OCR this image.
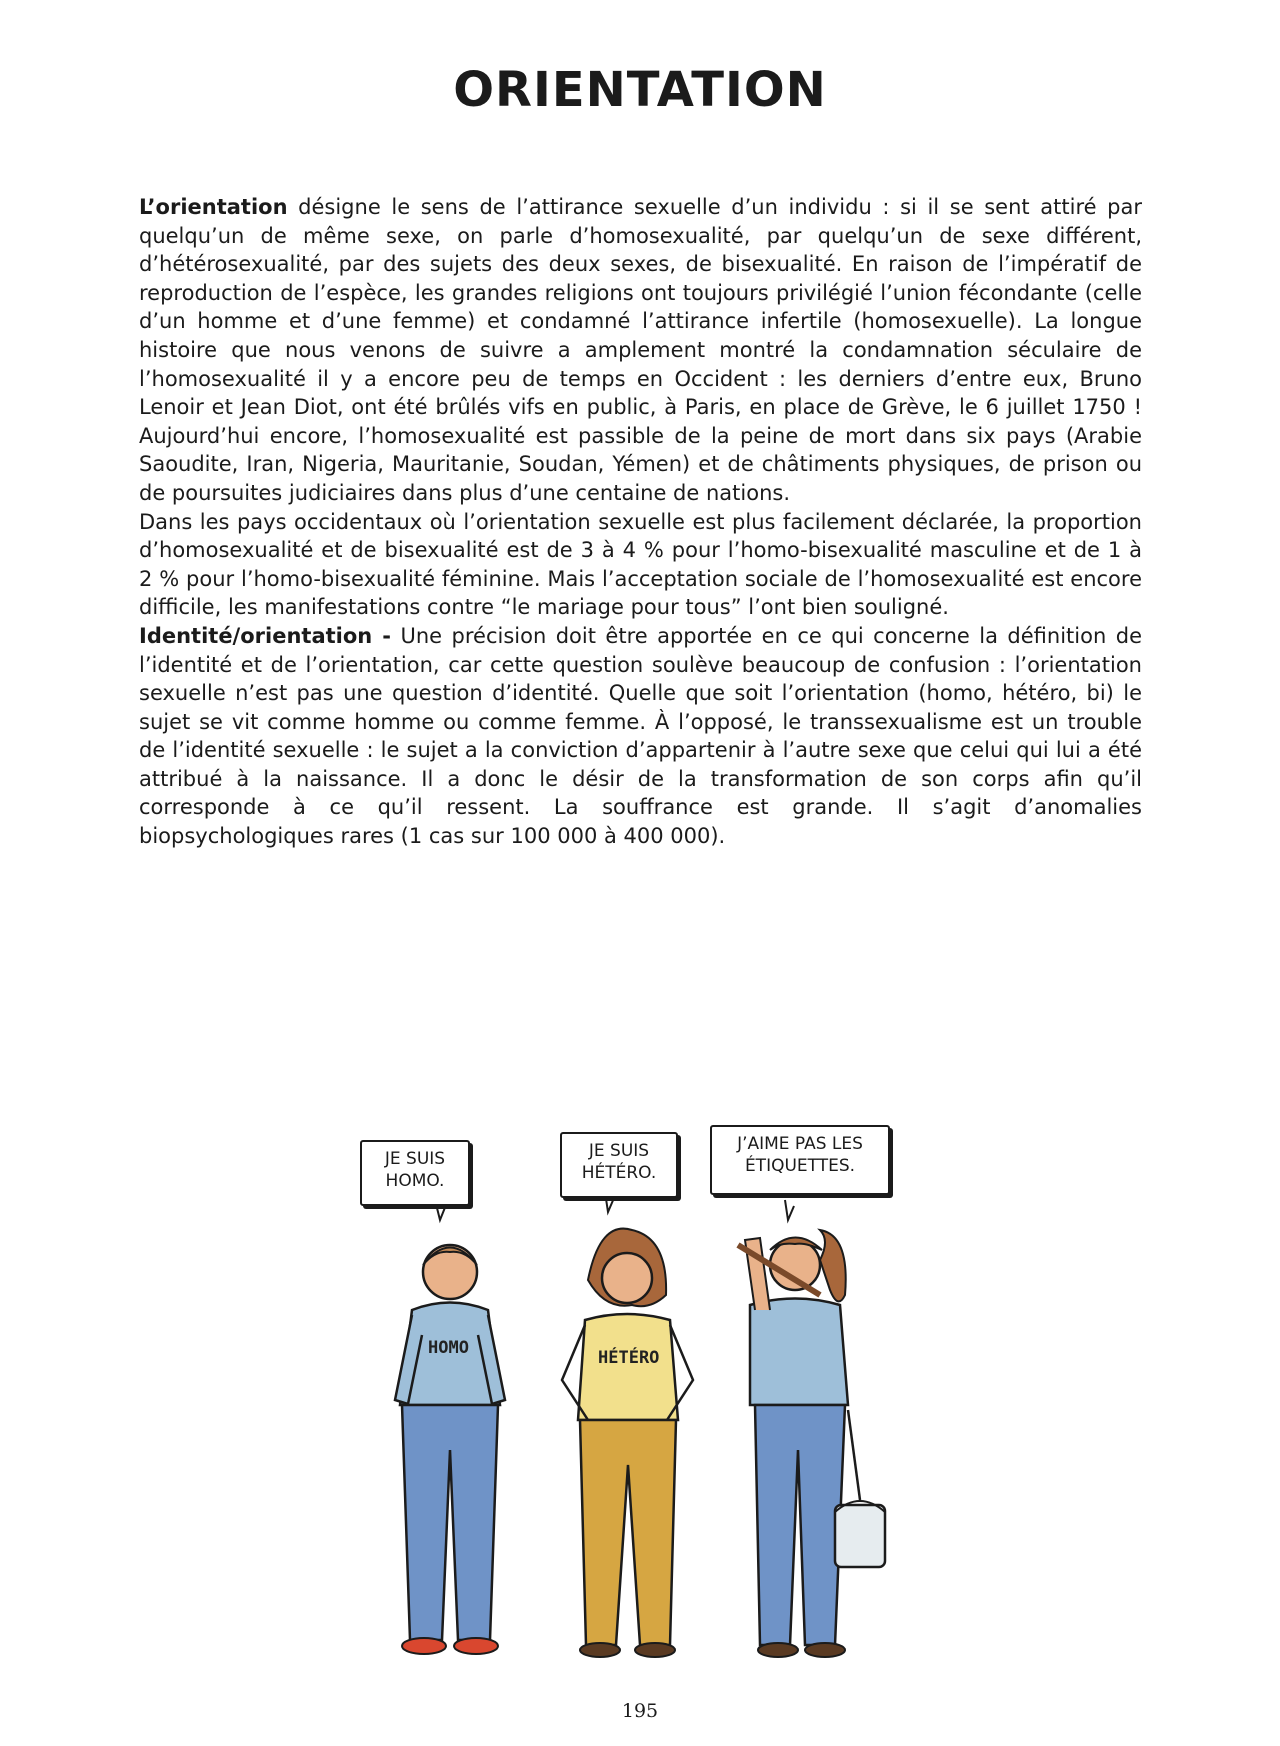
ORIENTATION

L’orientation désigne le sens de l’attirance sexuelle d’un individu : si il se sent attiré par quelqu’un de même sexe, on parle d’homosexualité, par quelqu’un de sexe différent, d’hétérosexualité, par des sujets des deux sexes, de bisexualité. En raison de l’impératif de reproduction de l’espèce, les grandes religions ont toujours privilégié l’union fécondante (celle d’un homme et d’une femme) et condamné l’attirance infertile (homosexuelle). La longue histoire que nous venons de suivre a amplement montré la condamnation séculaire de l’homosexualité il y a encore peu de temps en Occident : les derniers d’entre eux, Bruno Lenoir et Jean Diot, ont été brûlés vifs en public, à Paris, en place de Grève, le 6 juillet 1750 ! Aujourd’hui encore, l’homosexualité est passible de la peine de mort dans six pays (Arabie Saoudite, Iran, Nigeria, Mauritanie, Soudan, Yémen) et de châtiments physiques, de prison ou de poursuites judiciaires dans plus d’une centaine de nations.

Dans les pays occidentaux où l’orientation sexuelle est plus facilement déclarée, la proportion d’homosexualité et de bisexualité est de 3 à 4 % pour l’homo-bisexualité masculine et de 1 à 2 % pour l’homo-bisexualité féminine. Mais l’acceptation sociale de l’homosexualité est encore difficile, les manifestations contre “le mariage pour tous” l’ont bien souligné.

Identité/orientation - Une précision doit être apportée en ce qui concerne la définition de l’identité et de l’orientation, car cette question soulève beaucoup de confusion : l’orientation sexuelle n’est pas une question d’identité. Quelle que soit l’orientation (homo, hétéro, bi) le sujet se vit comme homme ou comme femme. À l’opposé, le transsexualisme est un trouble de l’identité sexuelle : le sujet a la conviction d’appartenir à l’autre sexe que celui qui lui a été attribué à la naissance. Il a donc le désir de la transformation de son corps afin qu’il corresponde à ce qu’il ressent. La souffrance est grande. Il s’agit d’anomalies biopsychologiques rares (1 cas sur 100 000 à 400 000).

JE SUIS HOMO.
JE SUIS HÉTÉRO.
J’AIME PAS LES ÉTIQUETTES.
HOMO	HÉTÉRO
195
